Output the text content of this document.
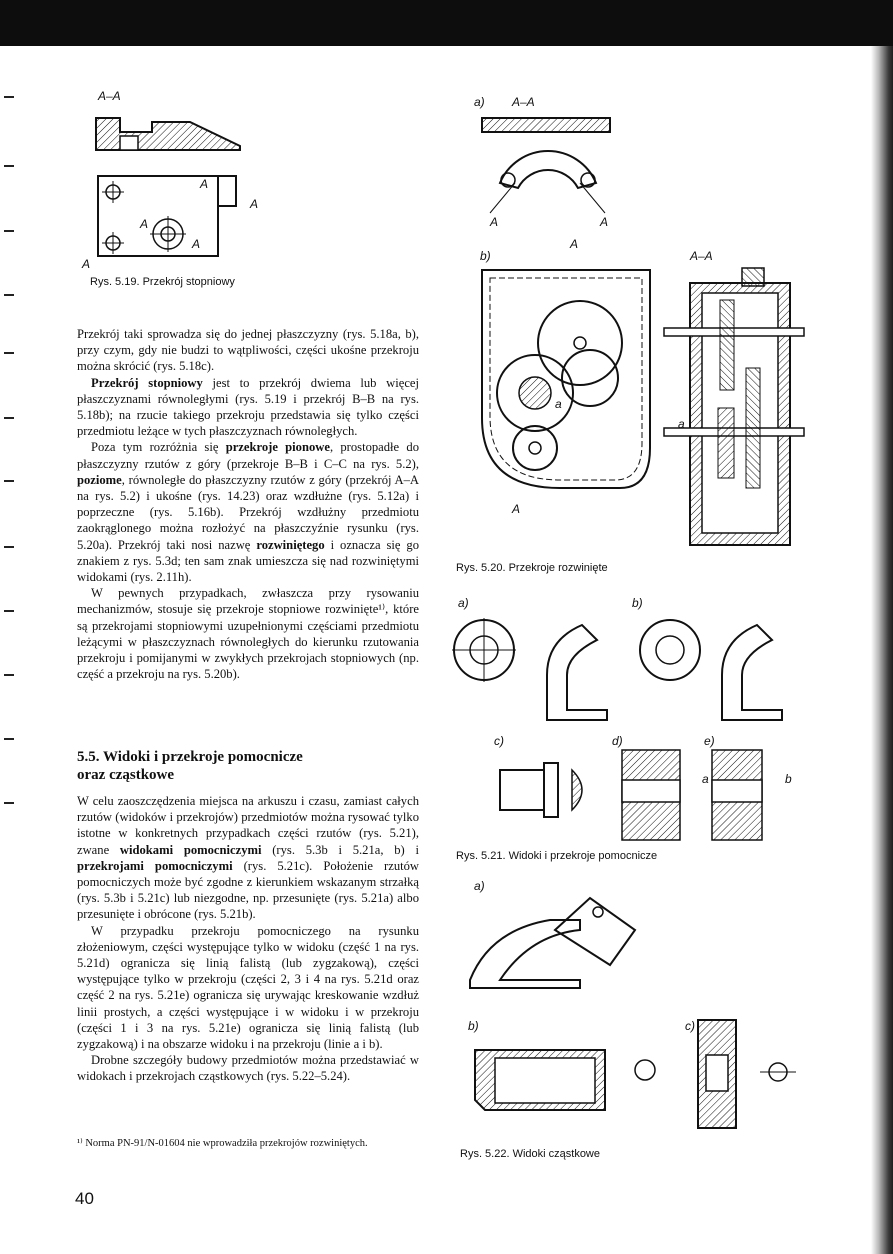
A–A
A
A
A
A
A
Rys. 5.19. Przekrój stopniowy
a) A–A
A	A
b)
A
A–A
a
A
a
Rys. 5.20. Przekroje rozwinięte
a)	b)
c)	d)	e)
a	b
Rys. 5.21. Widoki i przekroje pomocnicze
a)
b)	c)
Rys. 5.22. Widoki cząstkowe

Przekrój taki sprowadza się do jednej płaszczyzny (rys. 5.18a, b), przy czym, gdy nie budzi to wątpliwości, części ukośne przekroju można skrócić (rys. 5.18c).

Przekrój stopniowy jest to przekrój dwiema lub więcej płaszczyznami równoległymi (rys. 5.19 i przekrój B–B na rys. 5.18b); na rzucie takiego przekroju przedstawia się tylko części przedmiotu leżące w tych płaszczyznach równoległych.

Poza tym rozróżnia się przekroje pionowe, prostopadłe do płaszczyzny rzutów z góry (przekroje B–B i C–C na rys. 5.2), poziome, równoległe do płaszczyzny rzutów z góry (przekrój A–A na rys. 5.2) i ukośne (rys. 14.23) oraz wzdłużne (rys. 5.12a) i poprzeczne (rys. 5.16b). Przekrój wzdłużny przedmiotu zaokrąglonego można rozłożyć na płaszczyźnie rysunku (rys. 5.20a). Przekrój taki nosi nazwę rozwiniętego i oznacza się go znakiem z rys. 5.3d; ten sam znak umieszcza się nad rozwiniętymi widokami (rys. 2.11h).

W pewnych przypadkach, zwłaszcza przy rysowaniu mechanizmów, stosuje się przekroje stopniowe rozwinięte¹⁾, które są przekrojami stopniowymi uzupełnionymi częściami przedmiotu leżącymi w płaszczyznach równoległych do kierunku rzutowania przekroju i pomijanymi w zwykłych przekrojach stopniowych (np. część a przekroju na rys. 5.20b).

5.5. Widoki i przekroje pomocnicze
oraz cząstkowe

W celu zaoszczędzenia miejsca na arkuszu i czasu, zamiast całych rzutów (widoków i przekrojów) przedmiotów można rysować tylko istotne w konkretnych przypadkach części rzutów (rys. 5.21), zwane widokami pomocniczymi (rys. 5.3b i 5.21a, b) i przekrojami pomocniczymi (rys. 5.21c). Położenie rzutów pomocniczych może być zgodne z kierunkiem wskazanym strzałką (rys. 5.3b i 5.21c) lub niezgodne, np. przesunięte (rys. 5.21a) albo przesunięte i obrócone (rys. 5.21b).

W przypadku przekroju pomocniczego na rysunku złożeniowym, części występujące tylko w widoku (część 1 na rys. 5.21d) ogranicza się linią falistą (lub zygzakową), części występujące tylko w przekroju (części 2, 3 i 4 na rys. 5.21d oraz część 2 na rys. 5.21e) ogranicza się urywając kreskowanie wzdłuż linii prostych, a części występujące i w widoku i w przekroju (części 1 i 3 na rys. 5.21e) ogranicza się linią falistą (lub zygzakową) i na obszarze widoku i na przekroju (linie a i b).

Drobne szczegóły budowy przedmiotów można przedstawiać w widokach i przekrojach cząstkowych (rys. 5.22–5.24).

¹⁾ Norma PN-91/N-01604 nie wprowadziła przekrojów rozwiniętych.
40
